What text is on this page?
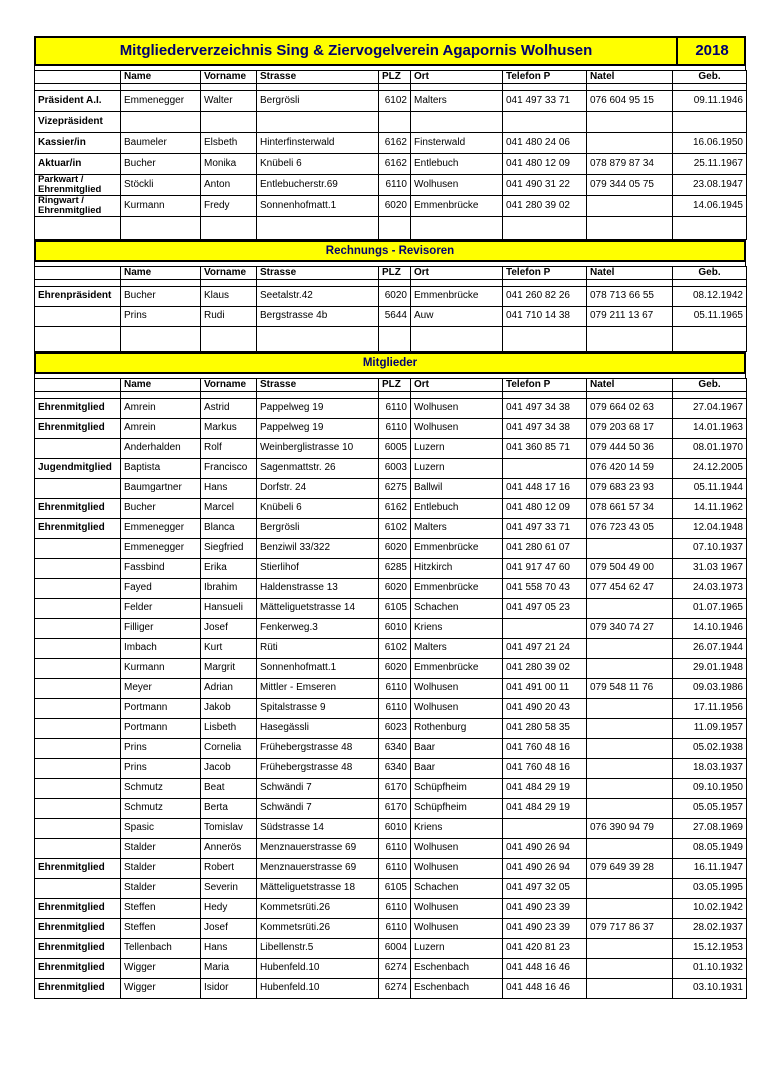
Mitgliederverzeichnis Sing & Ziervogelverein Agapornis Wolhusen	2018
	Name	Vorname	Strasse	PLZ	Ort	Telefon P	Natel	Geb.

Präsident A.I.	Emmenegger	Walter	Bergrösli	6102	Malters	041 497 33 71	076 604 95 15	09.11.1946
Vizepräsident								
Kassier/in	Baumeler	Elsbeth	Hinterfinsterwald	6162	Finsterwald	041 480 24 06		16.06.1950
Aktuar/in	Bucher	Monika	Knübeli 6	6162	Entlebuch	041 480 12 09	078 879 87 34	25.11.1967
Parkwart / Ehrenmitglied	Stöckli	Anton	Entlebucherstr.69	6110	Wolhusen	041 490 31 22	079 344 05 75	23.08.1947
Ringwart / Ehrenmitglied	Kurmann	Fredy	Sonnenhofmatt.1	6020	Emmenbrücke	041 280 39 02		14.06.1945

Rechnungs - Revisoren
	Name	Vorname	Strasse	PLZ	Ort	Telefon P	Natel	Geb.

Ehrenpräsident	Bucher	Klaus	Seetalstr.42	6020	Emmenbrücke	041 260 82 26	078 713 66 55	08.12.1942
	Prins	Rudi	Bergstrasse 4b	5644	Auw	041 710 14 38	079 211 13 67	05.11.1965

Mitglieder
	Name	Vorname	Strasse	PLZ	Ort	Telefon P	Natel	Geb.

Ehrenmitglied	Amrein	Astrid	Pappelweg 19	6110	Wolhusen	041 497 34 38	079 664 02 63	27.04.1967
Ehrenmitglied	Amrein	Markus	Pappelweg 19	6110	Wolhusen	041 497 34 38	079 203 68 17	14.01.1963
	Anderhalden	Rolf	Weinberglistrasse 10	6005	Luzern	041 360 85 71	079 444 50 36	08.01.1970
Jugendmitglied	Baptista	Francisco	Sagenmattstr. 26	6003	Luzern		076 420 14 59	24.12.2005
	Baumgartner	Hans	Dorfstr. 24	6275	Ballwil	041 448 17 16	079 683 23 93	05.11.1944
Ehrenmitglied	Bucher	Marcel	Knübeli 6	6162	Entlebuch	041 480 12 09	078 661 57 34	14.11.1962
Ehrenmitglied	Emmenegger	Blanca	Bergrösli	6102	Malters	041 497 33 71	076 723 43 05	12.04.1948
	Emmenegger	Siegfried	Benziwil 33/322	6020	Emmenbrücke	041 280 61 07		07.10.1937
	Fassbind	Erika	Stierlihof	6285	Hitzkirch	041 917 47 60	079 504 49 00	31.03 1967
	Fayed	Ibrahim	Haldenstrasse 13	6020	Emmenbrücke	041 558 70 43	077 454 62 47	24.03.1973
	Felder	Hansueli	Mätteliguetstrasse 14	6105	Schachen	041 497 05 23		01.07.1965
	Filliger	Josef	Fenkerweg.3	6010	Kriens		079 340 74 27	14.10.1946
	Imbach	Kurt	Rüti	6102	Malters	041 497 21 24		26.07.1944
	Kurmann	Margrit	Sonnenhofmatt.1	6020	Emmenbrücke	041 280 39 02		29.01.1948
	Meyer	Adrian	Mittler - Emseren	6110	Wolhusen	041 491 00 11	079 548 11 76	09.03.1986
	Portmann	Jakob	Spitalstrasse 9	6110	Wolhusen	041 490 20 43		17.11.1956
	Portmann	Lisbeth	Hasegässli	6023	Rothenburg	041 280 58 35		11.09.1957
	Prins	Cornelia	Frühebergstrasse 48	6340	Baar	041 760 48 16		05.02.1938
	Prins	Jacob	Frühebergstrasse 48	6340	Baar	041 760 48 16		18.03.1937
	Schmutz	Beat	Schwändi 7	6170	Schüpfheim	041 484 29 19		09.10.1950
	Schmutz	Berta	Schwändi 7	6170	Schüpfheim	041 484 29 19		05.05.1957
	Spasic	Tomislav	Südstrasse 14	6010	Kriens		076 390 94 79	27.08.1969
	Stalder	Annerös	Menznauerstrasse 69	6110	Wolhusen	041 490 26 94		08.05.1949
Ehrenmitglied	Stalder	Robert	Menznauerstrasse 69	6110	Wolhusen	041 490 26 94	079 649 39 28	16.11.1947
	Stalder	Severin	Mätteliguetstrasse 18	6105	Schachen	041 497 32 05		03.05.1995
Ehrenmitglied	Steffen	Hedy	Kommetsrüti.26	6110	Wolhusen	041 490 23 39		10.02.1942
Ehrenmitglied	Steffen	Josef	Kommetsrüti.26	6110	Wolhusen	041 490 23 39	079 717 86 37	28.02.1937
Ehrenmitglied	Tellenbach	Hans	Libellenstr.5	6004	Luzern	041 420 81 23		15.12.1953
Ehrenmitglied	Wigger	Maria	Hubenfeld.10	6274	Eschenbach	041 448 16 46		01.10.1932
Ehrenmitglied	Wigger	Isidor	Hubenfeld.10	6274	Eschenbach	041 448 16 46		03.10.1931
